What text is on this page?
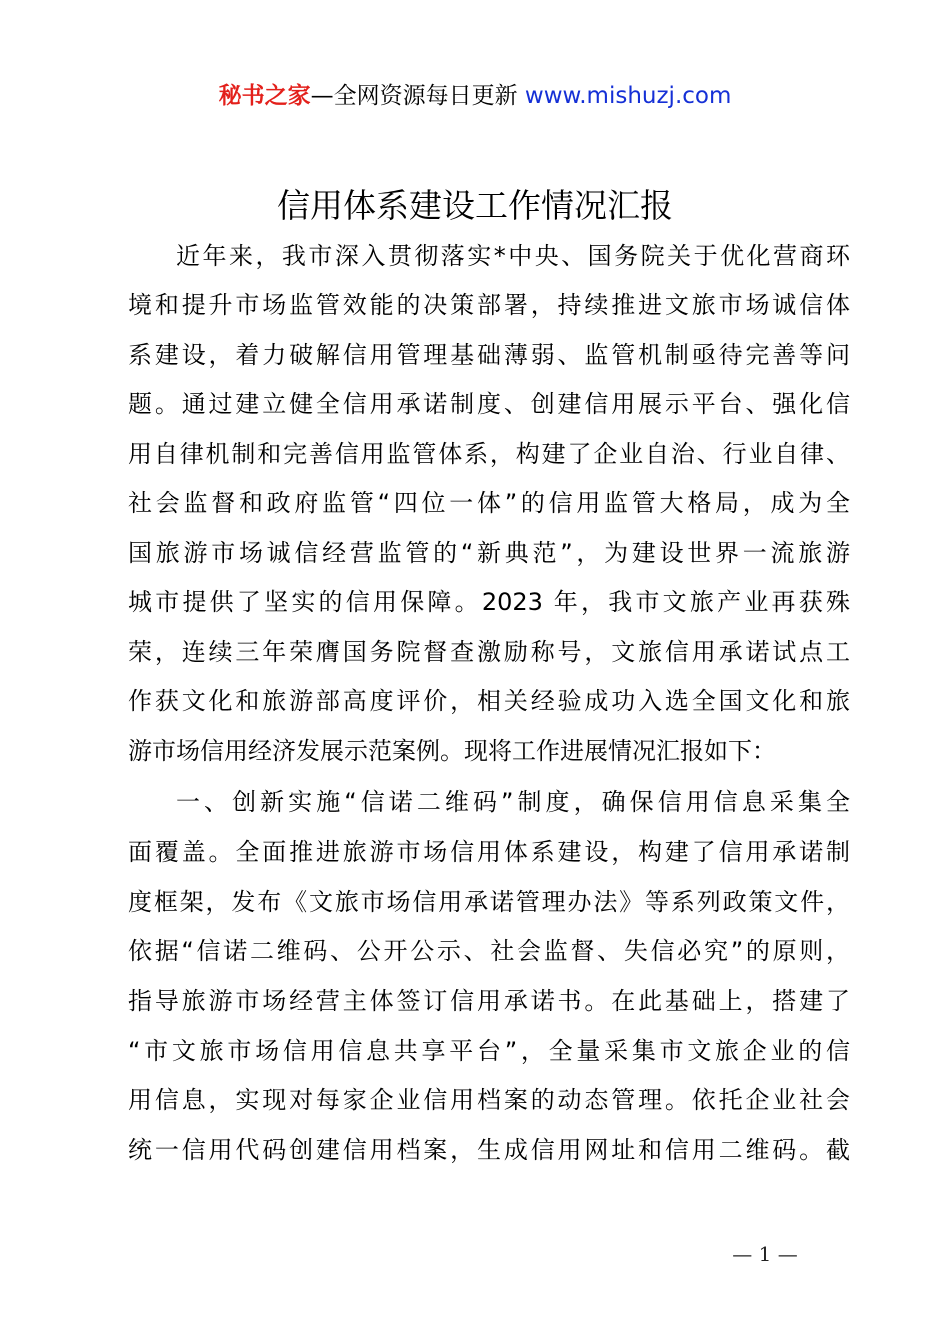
秘书之家—全网资源每日更新 www.mishuzj.com
信用体系建设工作情况汇报
近年来，我市深入贯彻落实*中央、国务院关于优化营商环
境和提升市场监管效能的决策部署，持续推进文旅市场诚信体
系建设，着力破解信用管理基础薄弱、监管机制亟待完善等问
题。通过建立健全信用承诺制度、创建信用展示平台、强化信
用自律机制和完善信用监管体系，构建了企业自治、行业自律、
社会监督和政府监管“四位一体”的信用监管大格局，成为全
国旅游市场诚信经营监管的“新典范”，为建设世界一流旅游
城市提供了坚实的信用保障。2023 年，我市文旅产业再获殊
荣，连续三年荣膺国务院督查激励称号，文旅信用承诺试点工
作获文化和旅游部高度评价，相关经验成功入选全国文化和旅
游市场信用经济发展示范案例。现将工作进展情况汇报如下：
一、创新实施“信诺二维码”制度，确保信用信息采集全
面覆盖。全面推进旅游市场信用体系建设，构建了信用承诺制
度框架，发布《文旅市场信用承诺管理办法》等系列政策文件，
依据“信诺二维码、公开公示、社会监督、失信必究”的原则，
指导旅游市场经营主体签订信用承诺书。在此基础上，搭建了
“市文旅市场信用信息共享平台”，全量采集市文旅企业的信
用信息，实现对每家企业信用档案的动态管理。依托企业社会
统一信用代码创建信用档案，生成信用网址和信用二维码。截
— 1 —
